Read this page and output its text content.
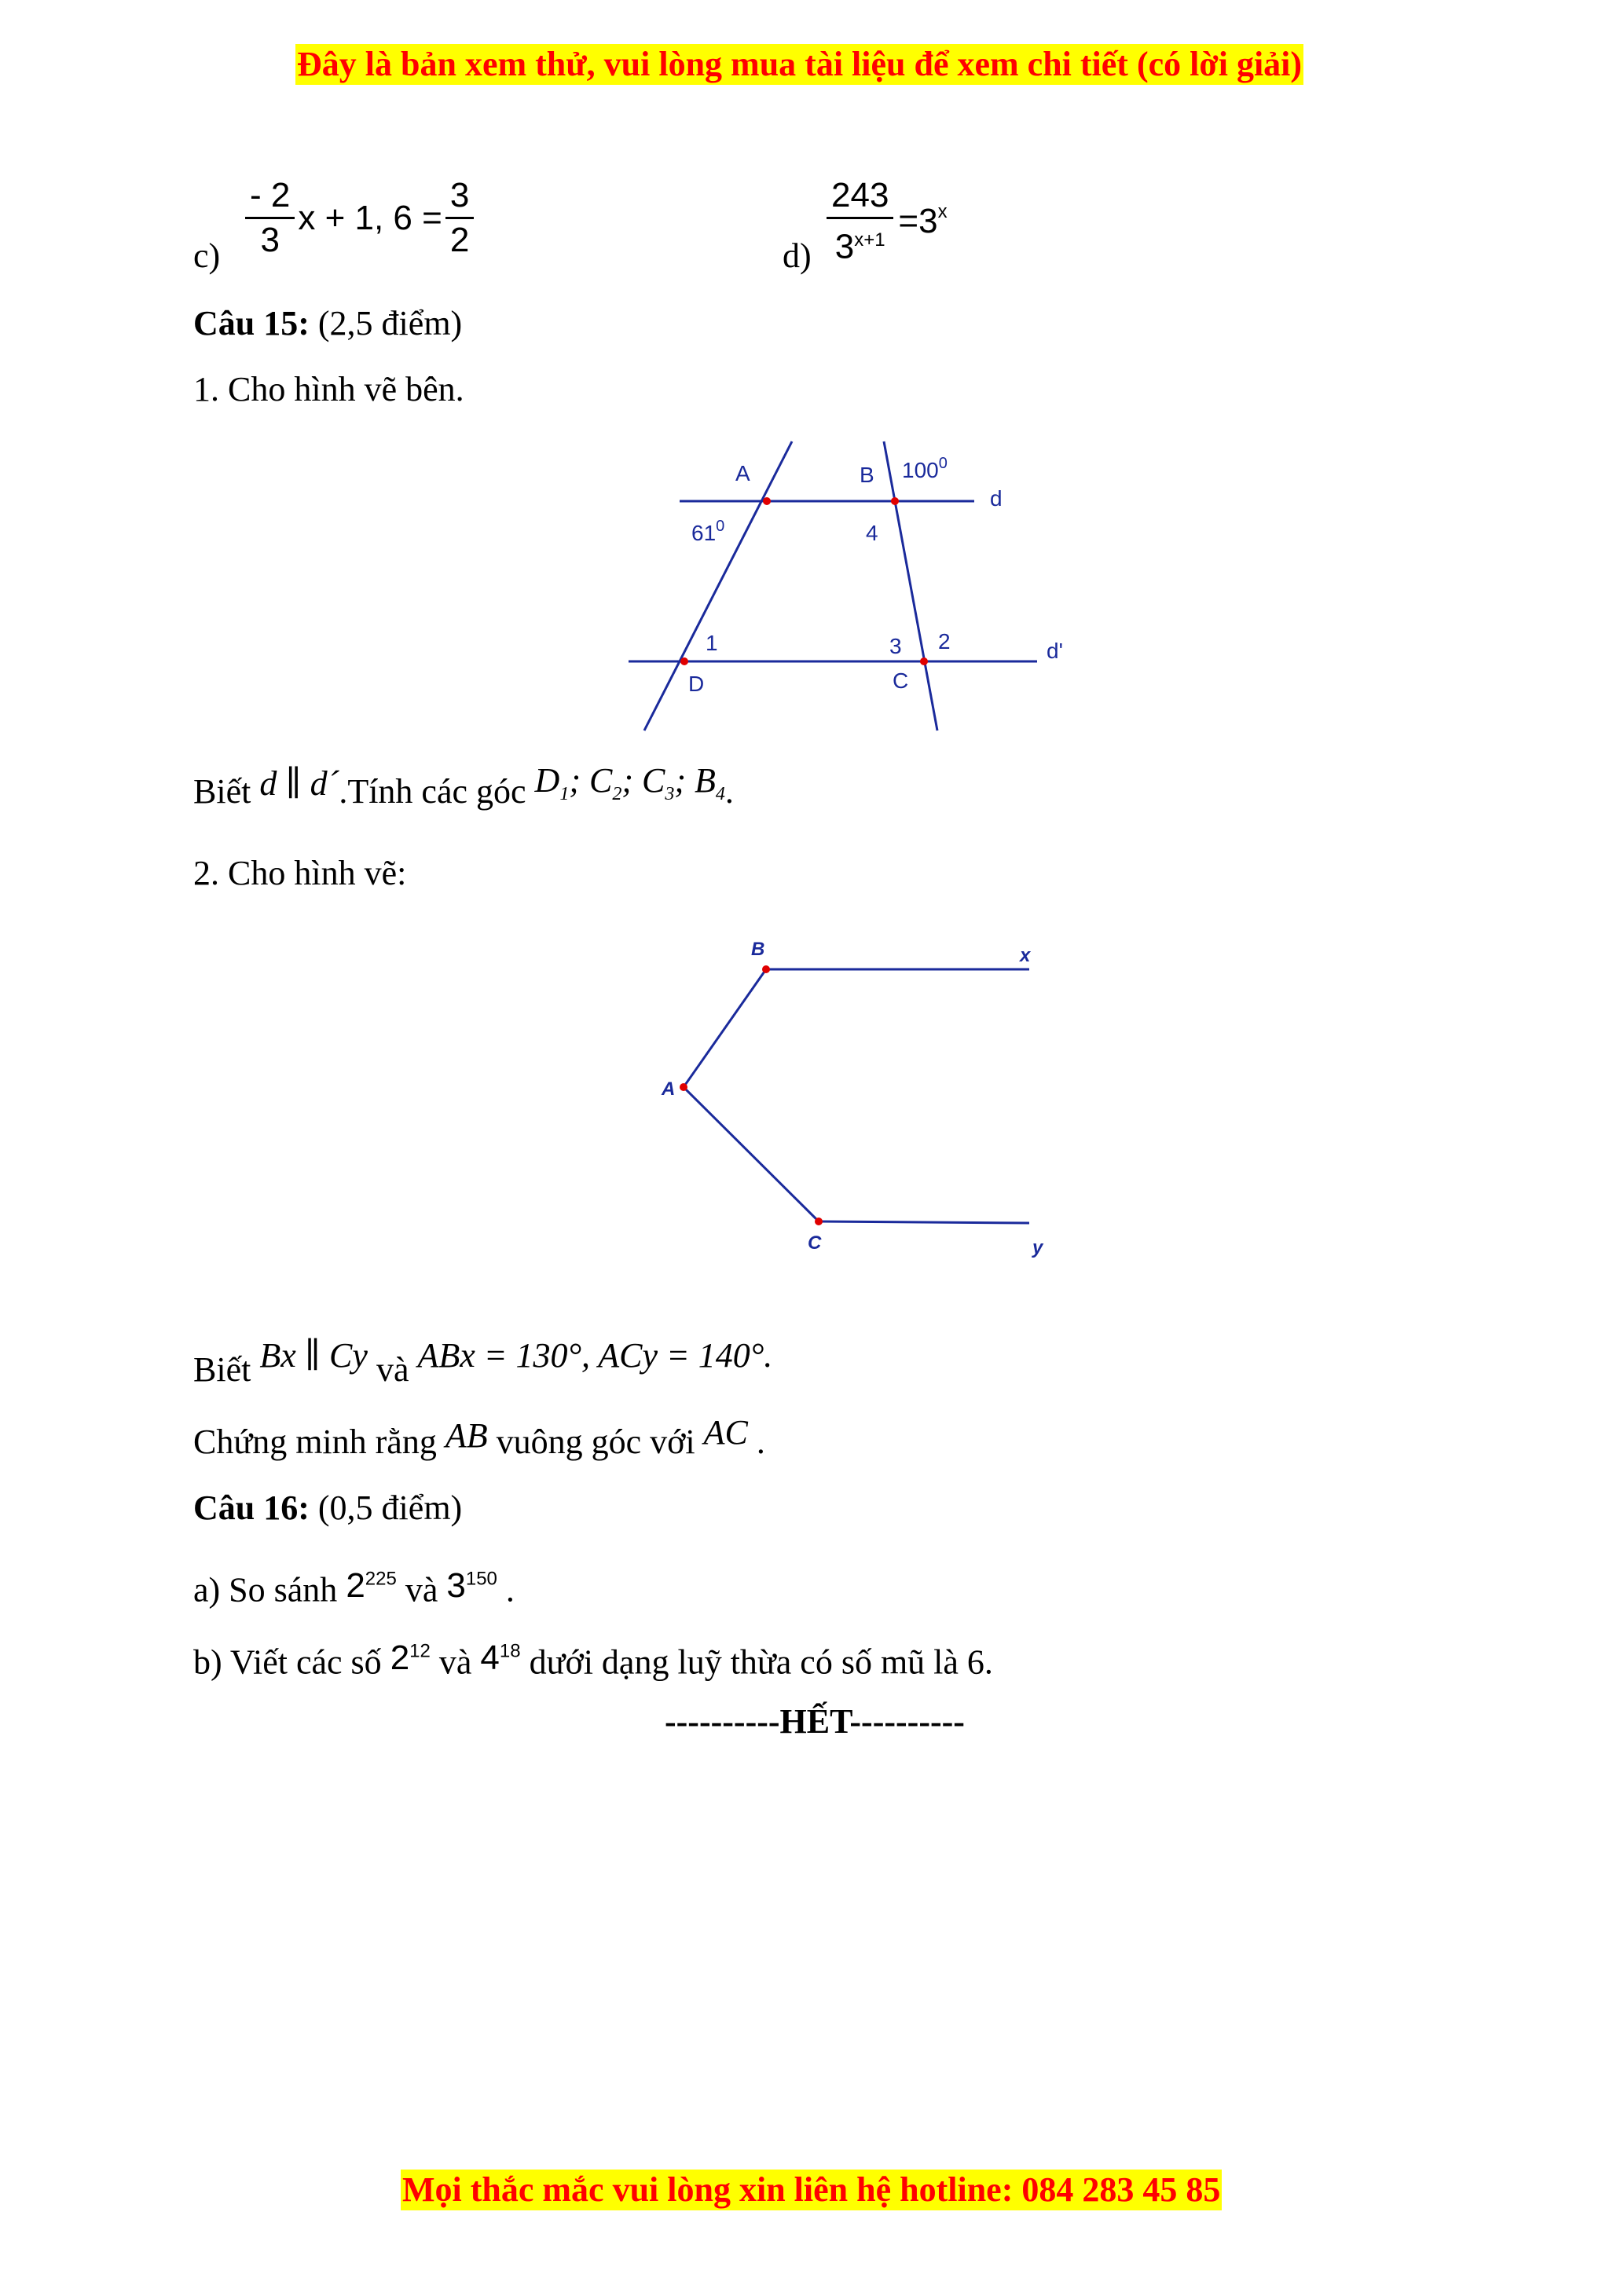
Đây là bản xem thử, vui lòng mua tài liệu để xem chi tiết (có lời giải)
$c) \frac{- 2}{3}$ x + 1, $6 = \frac{3}{2}$	$d) \frac{243}{3^{x+1}} =3^x$
Câu 15: (2,5 điểm)
1. Cho hình vẽ bên.
A	B $100^0$
d
$61^0$	4
1	3 2	d'
D	C
Biết d ∥ d´.Tính các góc $D_1$; $C_2$; $C_3$; $B_4$.
2. Cho hình vẽ:
B	x
A
C	y
Biết Bx ∥ Cy và ABx = 130°, ACy = 140°.
Chứng minh rằng AB vuông góc với AC .
Câu 16: (0,5 điểm)
a) So sánh $2^{225}$ và $3^{150}$ .
b) Viết các số $2^{12}$ và $4^{18}$ dưới dạng luỹ thừa có số mũ là 6.
----------HẾT----------
Mọi thắc mắc vui lòng xin liên hệ hotline: 084 283 45 85
